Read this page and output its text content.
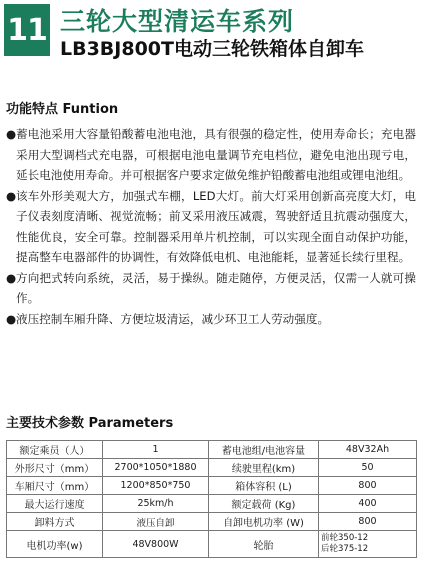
11 三轮大型清运车系列
LB3BJ800T电动三轮铁箱体自卸车
功能特点 Funtion
● 蓄电池采用大容量铅酸蓄电池电池，具有很强的稳定性，使用寿命长；充电器采用大型调档式充电器，可根据电池电量调节充电档位，避免电池出现亏电，延长电池使用寿命。并可根据客户要求定做免维护铅酸蓄电池组或锂电池组。
● 该车外形美观大方，加强式车棚，LED大灯。前大灯采用创新高亮度大灯，电子仪表刻度清晰、视觉流畅；前叉采用液压减震，驾驶舒适且抗震动强度大，性能优良，安全可靠。控制器采用单片机控制，可以实现全面自动保护功能，提高整车电器部件的协调性，有效降低电机、电池能耗，显著延长续行里程。
● 方向把式转向系统，灵活，易于操纵。随走随停，方便灵活，仅需一人就可操作。
● 液压控制车厢升降、方便垃圾清运，减少环卫工人劳动强度。
主要技术参数 Parameters
额定乘员（人）	1	蓄电池组/电池容量	48V32Ah
外形尺寸（mm）	2700*1050*1880	续驶里程(km)	50
车厢尺寸（mm）	1200*850*750	箱体容积 (L)	800
最大运行速度	25km/h	额定载荷 (Kg)	400
卸料方式	液压自卸	自卸电机功率 (W)	800
电机功率(w)	48V800W	轮胎	前轮350-12
后轮375-12
